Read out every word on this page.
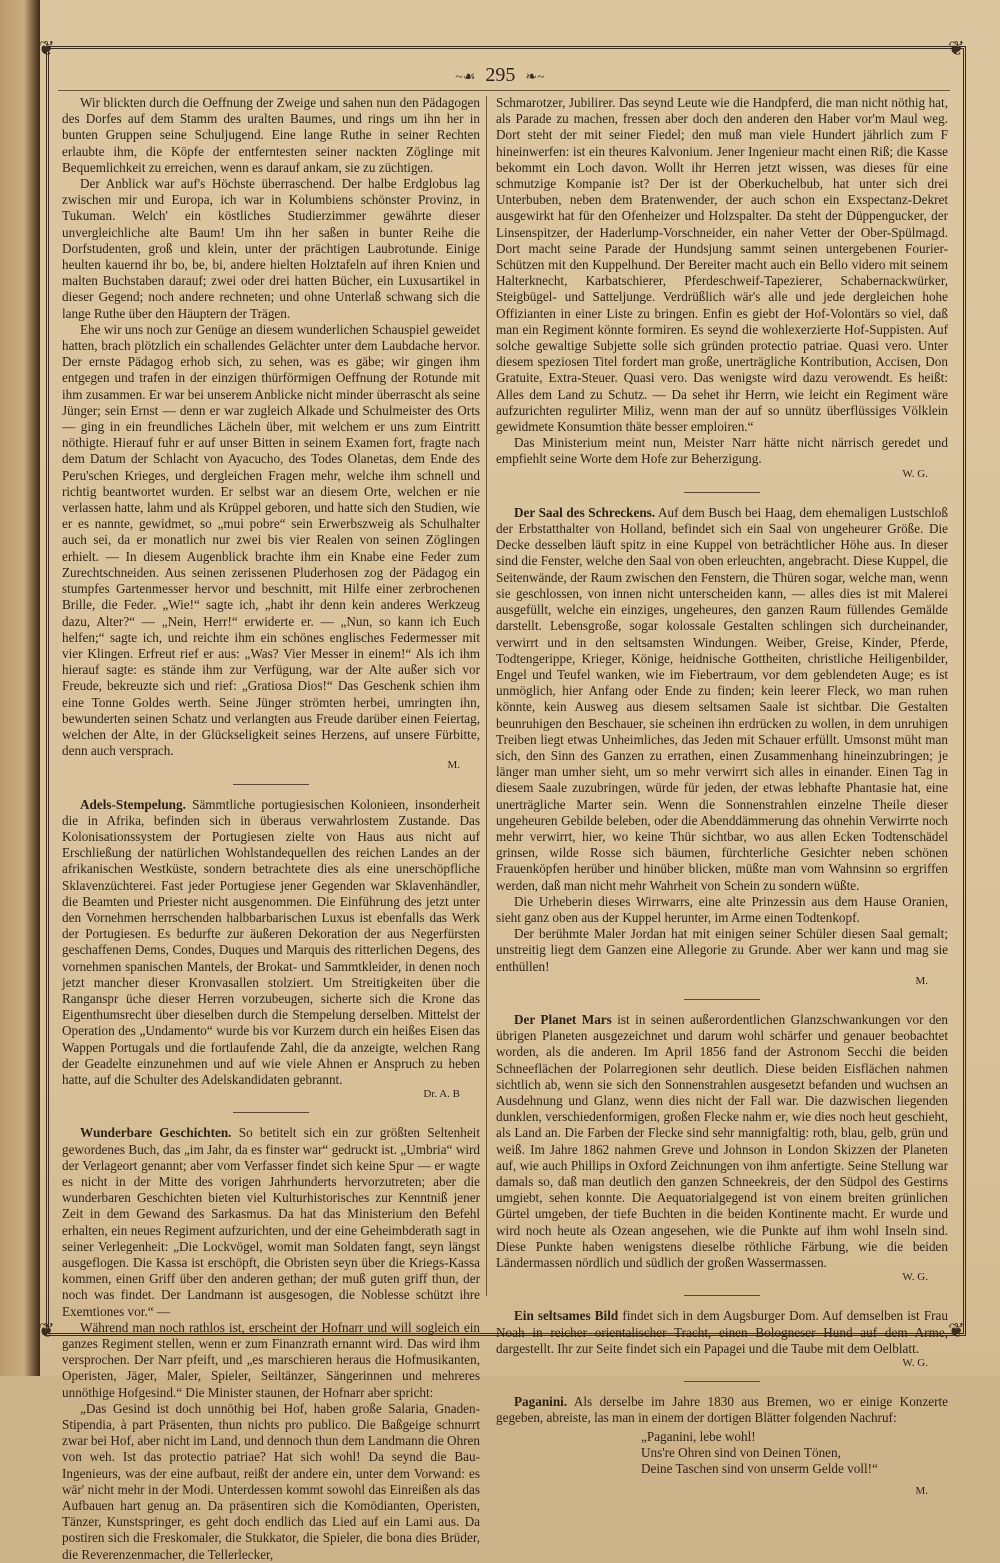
❦	❦
❦	❦
~☙ 295 ❧~

Wir blickten durch die Oeffnung der Zweige und sahen nun den Pädagogen des Dorfes auf dem Stamm des uralten Baumes, und rings um ihn her in bunten Gruppen seine Schuljugend. Eine lange Ruthe in seiner Rechten erlaubte ihm, die Köpfe der entferntesten seiner nackten Zöglinge mit Bequemlichkeit zu erreichen, wenn es darauf ankam, sie zu züchtigen.

Der Anblick war auf's Höchste überraschend. Der halbe Erdglobus lag zwischen mir und Europa, ich war in Kolumbiens schönster Provinz, in Tukuman. Welch' ein köstliches Studierzimmer gewährte dieser unvergleichliche alte Baum! Um ihn her saßen in bunter Reihe die Dorfstudenten, groß und klein, unter der prächtigen Laubrotunde. Einige heulten kauernd ihr bo, be, bi, andere hielten Holztafeln auf ihren Knien und malten Buchstaben darauf; zwei oder drei hatten Bücher, ein Luxusartikel in dieser Gegend; noch andere rechneten; und ohne Unterlaß schwang sich die lange Ruthe über den Häuptern der Trägen.

Ehe wir uns noch zur Genüge an diesem wunderlichen Schauspiel geweidet hatten, brach plötzlich ein schallendes Gelächter unter dem Laubdache hervor. Der ernste Pädagog erhob sich, zu sehen, was es gäbe; wir gingen ihm entgegen und trafen in der einzigen thürförmigen Oeffnung der Rotunde mit ihm zusammen. Er war bei unserem Anblicke nicht minder überrascht als seine Jünger; sein Ernst — denn er war zugleich Alkade und Schulmeister des Orts — ging in ein freundliches Lächeln über, mit welchem er uns zum Eintritt nöthigte. Hierauf fuhr er auf unser Bitten in seinem Examen fort, fragte nach dem Datum der Schlacht von Ayacucho, des Todes Olanetas, dem Ende des Peru'schen Krieges, und dergleichen Fragen mehr, welche ihm schnell und richtig beantwortet wurden. Er selbst war an diesem Orte, welchen er nie verlassen hatte, lahm und als Krüppel geboren, und hatte sich den Studien, wie er es nannte, gewidmet, so „mui pobre“ sein Erwerbszweig als Schulhalter auch sei, da er monatlich nur zwei bis vier Realen von seinen Zöglingen erhielt. — In diesem Augenblick brachte ihm ein Knabe eine Feder zum Zurechtschneiden. Aus seinen zerissenen Pluderhosen zog der Pädagog ein stumpfes Gartenmesser hervor und beschnitt, mit Hilfe einer zerbrochenen Brille, die Feder. „Wie!“ sagte ich, „habt ihr denn kein anderes Werkzeug dazu, Alter?“ — „Nein, Herr!“ erwiderte er. — „Nun, so kann ich Euch helfen;“ sagte ich, und reichte ihm ein schönes englisches Federmesser mit vier Klingen. Erfreut rief er aus: „Was? Vier Messer in einem!“ Als ich ihm hierauf sagte: es stände ihm zur Verfügung, war der Alte außer sich vor Freude, bekreuzte sich und rief: „Gratiosa Dios!“ Das Geschenk schien ihm eine Tonne Goldes werth. Seine Jünger strömten herbei, umringten ihn, bewunderten seinen Schatz und verlangten aus Freude darüber einen Feiertag, welchen der Alte, in der Glückseligkeit seines Herzens, auf unsere Fürbitte, denn auch versprach.

M.

Adels-Stempelung. Sämmtliche portugiesischen Kolonieen, insonderheit die in Afrika, befinden sich in überaus verwahrlostem Zustande. Das Kolonisationssystem der Portugiesen zielte von Haus aus nicht auf Erschließung der natürlichen Wohlstandequellen des reichen Landes an der afrikanischen Westküste, sondern betrachtete dies als eine unerschöpfliche Sklavenzüchterei. Fast jeder Portugiese jener Gegenden war Sklavenhändler, die Beamten und Priester nicht ausgenommen. Die Einführung des jetzt unter den Vornehmen herrschenden halbbarbarischen Luxus ist ebenfalls das Werk der Portugiesen. Es bedurfte zur äußeren Dekoration der aus Negerfürsten geschaffenen Dems, Condes, Duques und Marquis des ritterlichen Degens, des vornehmen spanischen Mantels, der Brokat- und Sammtkleider, in denen noch jetzt mancher dieser Kronvasallen stolziert. Um Streitigkeiten über die Ranganspr üche dieser Herren vorzubeugen, sicherte sich die Krone das Eigenthumsrecht über dieselben durch die Stempelung derselben. Mittelst der Operation des „Undamento“ wurde bis vor Kurzem durch ein heißes Eisen das Wappen Portugals und die fortlaufende Zahl, die da anzeigte, welchen Rang der Geadelte einzunehmen und auf wie viele Ahnen er Anspruch zu heben hatte, auf die Schulter des Adelskandidaten gebrannt.

Dr. A. B

Wunderbare Geschichten. So betitelt sich ein zur größten Seltenheit gewordenes Buch, das „im Jahr, da es finster war“ gedruckt ist. „Umbria“ wird der Verlageort genannt; aber vom Verfasser findet sich keine Spur — er wagte es nicht in der Mitte des vorigen Jahrhunderts hervorzutreten; aber die wunderbaren Geschichten bieten viel Kulturhistorisches zur Kenntniß jener Zeit in dem Gewand des Sarkasmus. Da hat das Ministerium den Befehl erhalten, ein neues Regiment aufzurichten, und der eine Geheimbderath sagt in seiner Verlegenheit: „Die Lockvögel, womit man Soldaten fangt, seyn längst ausgeflogen. Die Kassa ist erschöpft, die Obristen seyn über die Kriegs-Kassa kommen, einen Griff über den anderen gethan; der muß guten griff thun, der noch was findet. Der Landmann ist ausgesogen, die Noblesse schützt ihre Exemtiones vor.“ —

Während man noch rathlos ist, erscheint der Hofnarr und will sogleich ein ganzes Regiment stellen, wenn er zum Finanzrath ernannt wird. Das wird ihm versprochen. Der Narr pfeift, und „es marschieren heraus die Hofmusikanten, Operisten, Jäger, Maler, Spieler, Seiltänzer, Sängerinnen und mehreres unnöthige Hofgesind.“ Die Minister staunen, der Hofnarr aber spricht:

„Das Gesind ist doch unnöthig bei Hof, haben große Salaria, Gnaden-Stipendia, à part Präsenten, thun nichts pro publico. Die Baßgeige schnurrt zwar bei Hof, aber nicht im Land, und dennoch thun dem Landmann die Ohren von weh. Ist das protectio patriae? Hat sich wohl! Da seynd die Bau-Ingenieurs, was der eine aufbaut, reißt der andere ein, unter dem Vorwand: es wär' nicht mehr in der Modi. Unterdessen kommt sowohl das Einreißen als das Aufbauen hart genug an. Da präsentiren sich die Komödianten, Operisten, Tänzer, Kunstspringer, es geht doch endlich das Lied auf ein Lami aus. Da postiren sich die Freskomaler, die Stukkator, die Spieler, die bona dies Brüder, die Reverenzenmacher, die Tellerlecker,

Schmarotzer, Jubilirer. Das seynd Leute wie die Handpferd, die man nicht nöthig hat, als Parade zu machen, fressen aber doch den anderen den Haber vor'm Maul weg. Dort steht der mit seiner Fiedel; den muß man viele Hundert jährlich zum F hineinwerfen: ist ein theures Kalvonium. Jener Ingenieur macht einen Riß; die Kasse bekommt ein Loch davon. Wollt ihr Herren jetzt wissen, was dieses für eine schmutzige Kompanie ist? Der ist der Oberkuchelbub, hat unter sich drei Unterbuben, neben dem Bratenwender, der auch schon ein Exspectanz-Dekret ausgewirkt hat für den Ofenheizer und Holzspalter. Da steht der Düppengucker, der Linsenspitzer, der Haderlump-Vorschneider, ein naher Vetter der Ober-Spülmagd. Dort macht seine Parade der Hundsjung sammt seinen untergebenen Fourier-Schützen mit den Kuppelhund. Der Bereiter macht auch ein Bello videro mit seinem Halterknecht, Karbatschierer, Pferdeschweif-Tapezierer, Schabernackwürker, Steigbügel- und Satteljunge. Verdrüßlich wär's alle und jede dergleichen hohe Offizianten in einer Liste zu bringen. Enfin es giebt der Hof-Volontärs so viel, daß man ein Regiment könnte formiren. Es seynd die wohlexerzierte Hof-Suppisten. Auf solche gewaltige Subjette solle sich gründen protectio patriae. Quasi vero. Unter diesem speziosen Titel fordert man große, unerträgliche Kontribution, Accisen, Don Gratuite, Extra-Steuer. Quasi vero. Das wenigste wird dazu verowendt. Es heißt: Alles dem Land zu Schutz. — Da sehet ihr Herrn, wie leicht ein Regiment wäre aufzurichten regulirter Miliz, wenn man der auf so unnütz überflüssiges Völklein gewidmete Konsumtion thäte besser emploiren.“

Das Ministerium meint nun, Meister Narr hätte nicht närrisch geredet und empfiehlt seine Worte dem Hofe zur Beherzigung.

W. G.

Der Saal des Schreckens. Auf dem Busch bei Haag, dem ehemaligen Lustschloß der Erbstatthalter von Holland, befindet sich ein Saal von ungeheurer Größe. Die Decke desselben läuft spitz in eine Kuppel von beträchtlicher Höhe aus. In dieser sind die Fenster, welche den Saal von oben erleuchten, angebracht. Diese Kuppel, die Seitenwände, der Raum zwischen den Fenstern, die Thüren sogar, welche man, wenn sie geschlossen, von innen nicht unterscheiden kann, — alles dies ist mit Malerei ausgefüllt, welche ein einziges, ungeheures, den ganzen Raum füllendes Gemälde darstellt. Lebensgroße, sogar kolossale Gestalten schlingen sich durcheinander, verwirrt und in den seltsamsten Windungen. Weiber, Greise, Kinder, Pferde, Todtengerippe, Krieger, Könige, heidnische Gottheiten, christliche Heiligenbilder, Engel und Teufel wanken, wie im Fiebertraum, vor dem geblendeten Auge; es ist unmöglich, hier Anfang oder Ende zu finden; kein leerer Fleck, wo man ruhen könnte, kein Ausweg aus diesem seltsamen Saale ist sichtbar. Die Gestalten beunruhigen den Beschauer, sie scheinen ihn erdrücken zu wollen, in dem unruhigen Treiben liegt etwas Unheimliches, das Jeden mit Schauer erfüllt. Umsonst müht man sich, den Sinn des Ganzen zu errathen, einen Zusammenhang hineinzubringen; je länger man umher sieht, um so mehr verwirrt sich alles in einander. Einen Tag in diesem Saale zuzubringen, würde für jeden, der etwas lebhafte Phantasie hat, eine unerträgliche Marter sein. Wenn die Sonnenstrahlen einzelne Theile dieser ungeheuren Gebilde beleben, oder die Abenddämmerung das ohnehin Verwirrte noch mehr verwirrt, hier, wo keine Thür sichtbar, wo aus allen Ecken Todtenschädel grinsen, wilde Rosse sich bäumen, fürchterliche Gesichter neben schönen Frauenköpfen herüber und hinüber blicken, müßte man vom Wahnsinn so ergriffen werden, daß man nicht mehr Wahrheit von Schein zu sondern wüßte.

Die Urheberin dieses Wirrwarrs, eine alte Prinzessin aus dem Hause Oranien, sieht ganz oben aus der Kuppel herunter, im Arme einen Todtenkopf.

Der berühmte Maler Jordan hat mit einigen seiner Schüler diesen Saal gemalt; unstreitig liegt dem Ganzen eine Allegorie zu Grunde. Aber wer kann und mag sie enthüllen!

M.

Der Planet Mars ist in seinen außerordentlichen Glanzschwankungen vor den übrigen Planeten ausgezeichnet und darum wohl schärfer und genauer beobachtet worden, als die anderen. Im April 1856 fand der Astronom Secchi die beiden Schneeflächen der Polarregionen sehr deutlich. Diese beiden Eisflächen nahmen sichtlich ab, wenn sie sich den Sonnenstrahlen ausgesetzt befanden und wuchsen an Ausdehnung und Glanz, wenn dies nicht der Fall war. Die dazwischen liegenden dunklen, verschiedenformigen, großen Flecke nahm er, wie dies noch heut geschieht, als Land an. Die Farben der Flecke sind sehr mannigfaltig: roth, blau, gelb, grün und weiß. Im Jahre 1862 nahmen Greve und Johnson in London Skizzen der Planeten auf, wie auch Phillips in Oxford Zeichnungen von ihm anfertigte. Seine Stellung war damals so, daß man deutlich den ganzen Schneekreis, der den Südpol des Gestirns umgiebt, sehen konnte. Die Aequatorialgegend ist von einem breiten grünlichen Gürtel umgeben, der tiefe Buchten in die beiden Kontinente macht. Er wurde und wird noch heute als Ozean angesehen, wie die Punkte auf ihm wohl Inseln sind. Diese Punkte haben wenigstens dieselbe röthliche Färbung, wie die beiden Ländermassen nördlich und südlich der großen Wassermassen.

W. G.

Ein seltsames Bild findet sich in dem Augsburger Dom. Auf demselben ist Frau Noah in reicher orientalischer Tracht, einen Bologneser Hund auf dem Arme, dargestellt. Ihr zur Seite findet sich ein Papagei und die Taube mit dem Oelblatt.

W. G.

Paganini. Als derselbe im Jahre 1830 aus Bremen, wo er einige Konzerte gegeben, abreiste, las man in einem der dortigen Blätter folgenden Nachruf:

„Paganini, lebe wohl!
Uns're Ohren sind von Deinen Tönen,
Deine Taschen sind von unserm Gelde voll!“
M.
